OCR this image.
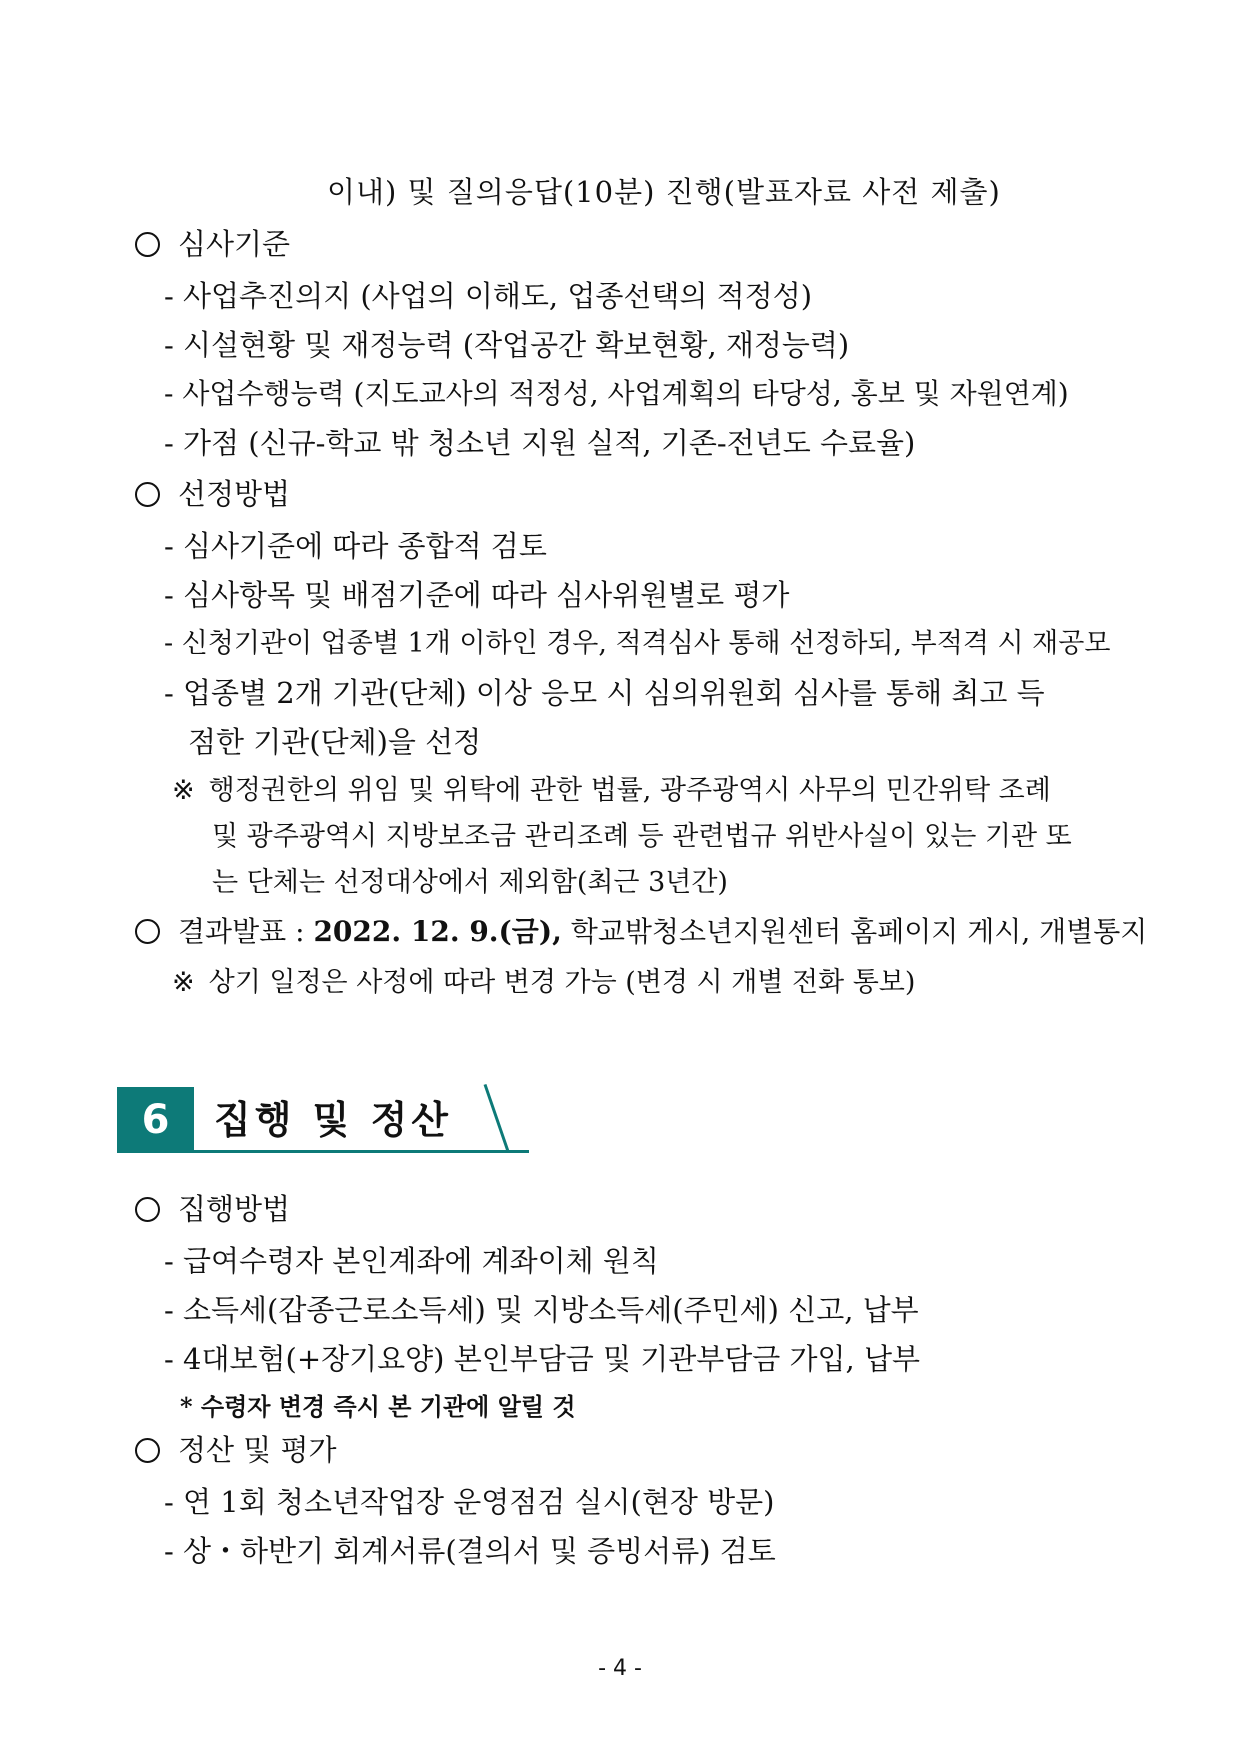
이내) 및 질의응답(10분) 진행(발표자료 사전 제출)
심사기준
- 사업추진의지 (사업의 이해도, 업종선택의 적정성)
- 시설현황 및 재정능력 (작업공간 확보현황, 재정능력)
- 사업수행능력 (지도교사의 적정성, 사업계획의 타당성, 홍보 및 자원연계)
- 가점 (신규-학교 밖 청소년 지원 실적, 기존-전년도 수료율)
선정방법
- 심사기준에 따라 종합적 검토
- 심사항목 및 배점기준에 따라 심사위원별로 평가
- 신청기관이 업종별 1개 이하인 경우, 적격심사 통해 선정하되, 부적격 시 재공모
- 업종별 2개 기관(단체) 이상 응모 시 심의위원회 심사를 통해 최고 득
점한 기관(단체)을 선정
※ 행정권한의 위임 및 위탁에 관한 법률, 광주광역시 사무의 민간위탁 조례
및 광주광역시 지방보조금 관리조례 등 관련법규 위반사실이 있는 기관 또
는 단체는 선정대상에서 제외함(최근 3년간)
결과발표 : 2022. 12. 9.(금), 학교밖청소년지원센터 홈페이지 게시, 개별통지
※ 상기 일정은 사정에 따라 변경 가능 (변경 시 개별 전화 통보)
6	집행 및 정산
집행방법
- 급여수령자 본인계좌에 계좌이체 원칙
- 소득세(갑종근로소득세) 및 지방소득세(주민세) 신고, 납부
- 4대보험(+장기요양) 본인부담금 및 기관부담금 가입, 납부
* 수령자 변경 즉시 본 기관에 알릴 것
정산 및 평가
- 연 1회 청소년작업장 운영점검 실시(현장 방문)
- 상・하반기 회계서류(결의서 및 증빙서류) 검토
- 4 -
